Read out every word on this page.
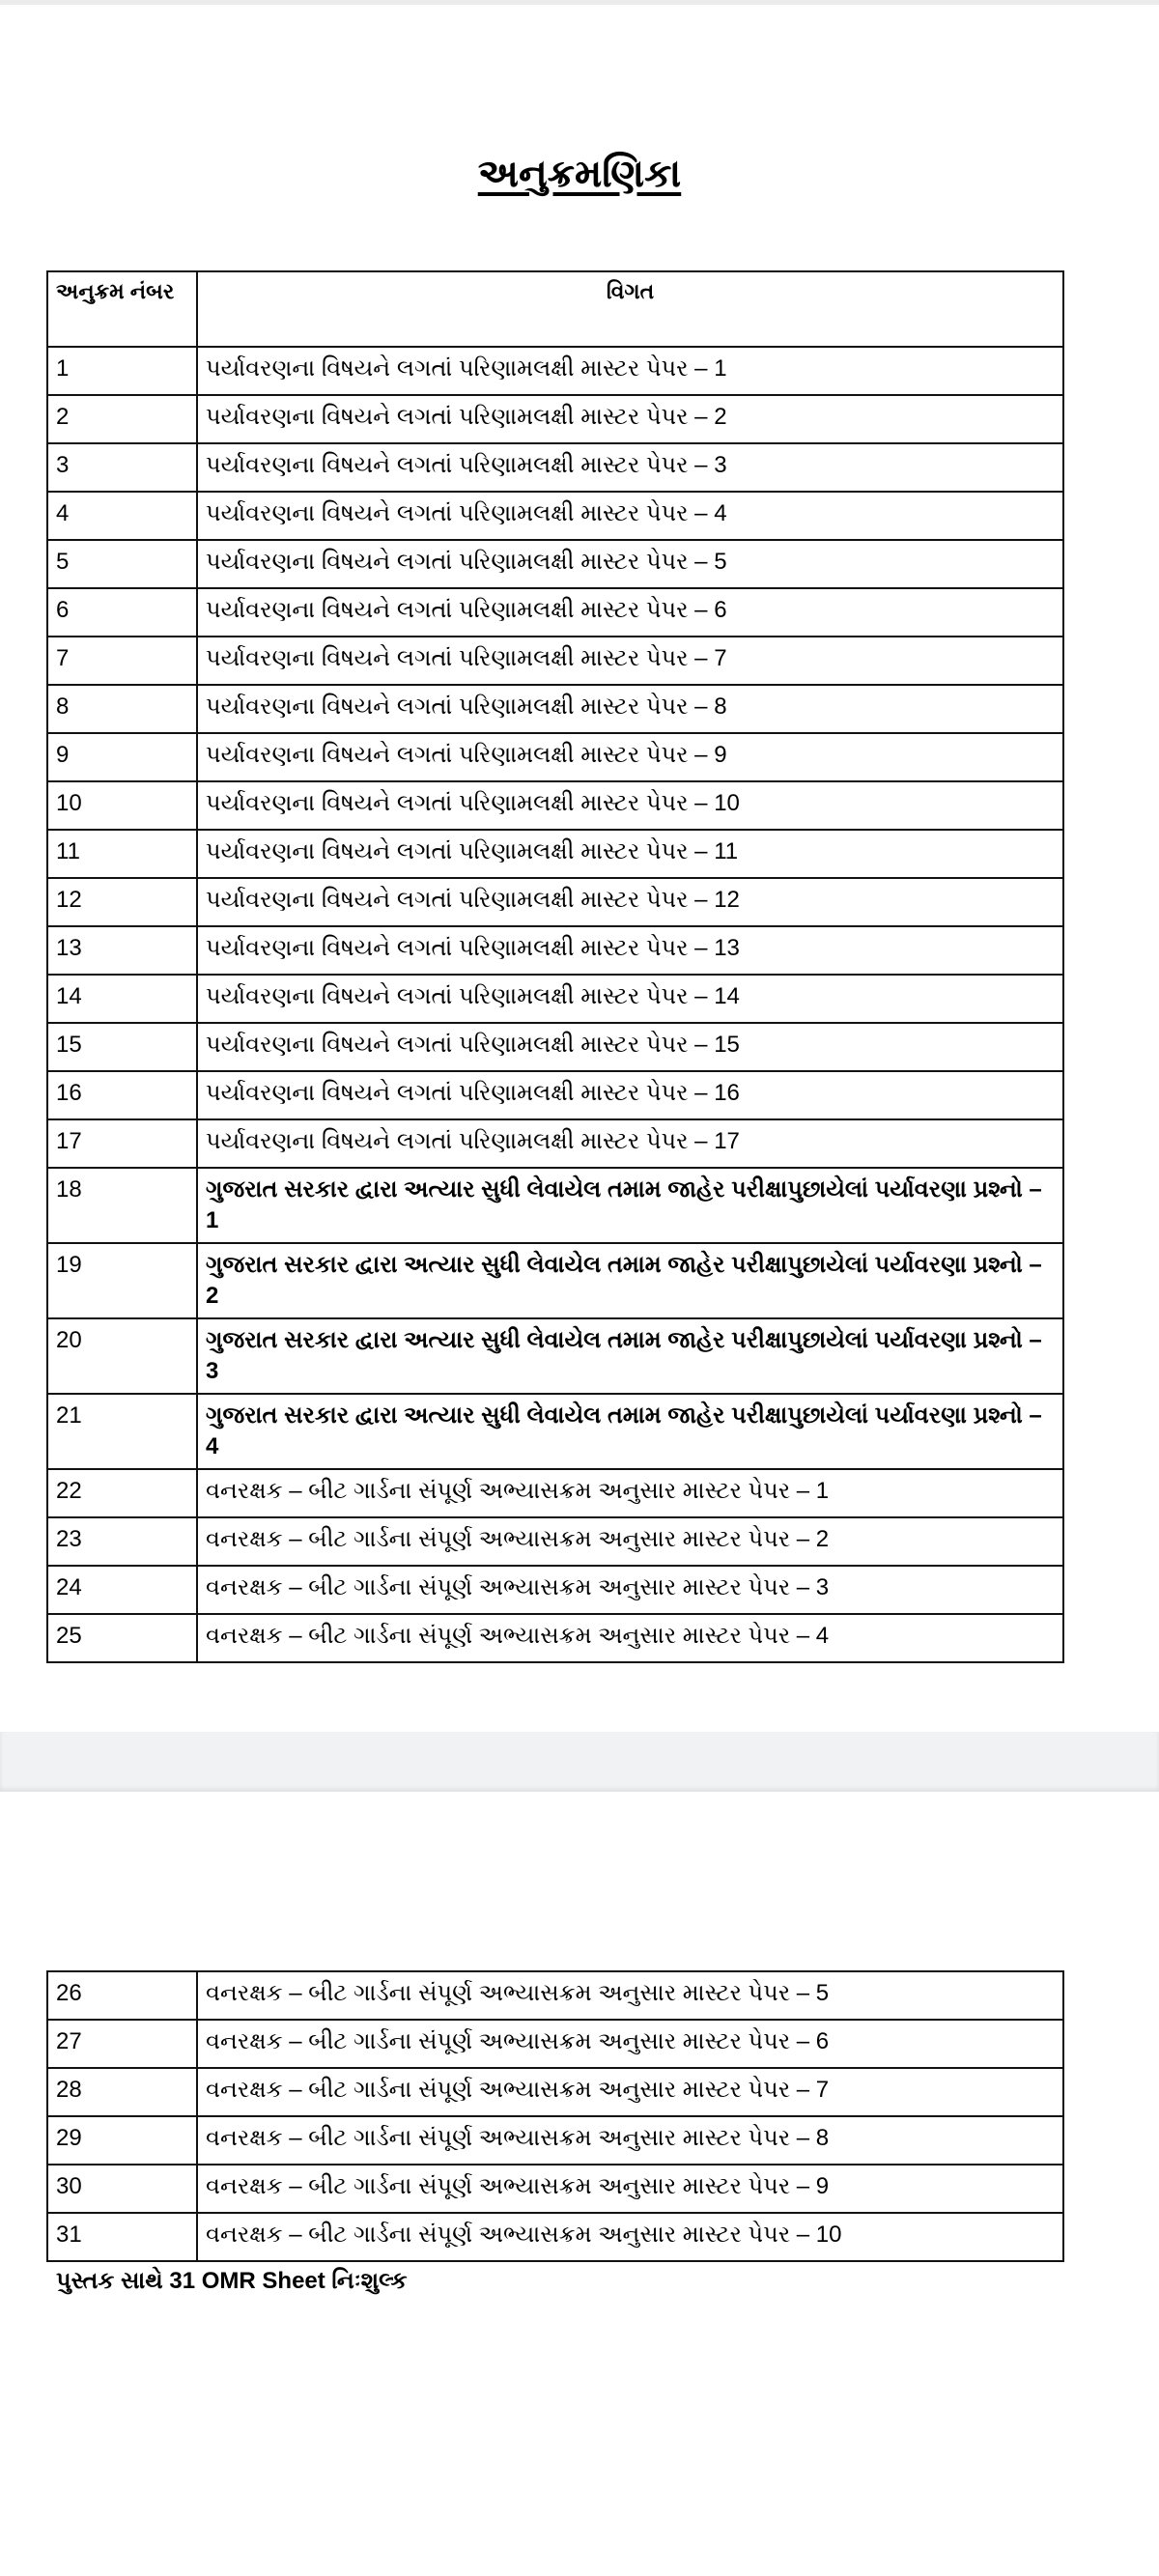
અનુક્રમણિકા
અનુક્રમ નંબર	વિગત
1	પર્યાવરણના વિષયને લગતાં પરિણામલક્ષી માસ્ટર પેપર – 1
2	પર્યાવરણના વિષયને લગતાં પરિણામલક્ષી માસ્ટર પેપર – 2
3	પર્યાવરણના વિષયને લગતાં પરિણામલક્ષી માસ્ટર પેપર – 3
4	પર્યાવરણના વિષયને લગતાં પરિણામલક્ષી માસ્ટર પેપર – 4
5	પર્યાવરણના વિષયને લગતાં પરિણામલક્ષી માસ્ટર પેપર – 5
6	પર્યાવરણના વિષયને લગતાં પરિણામલક્ષી માસ્ટર પેપર – 6
7	પર્યાવરણના વિષયને લગતાં પરિણામલક્ષી માસ્ટર પેપર – 7
8	પર્યાવરણના વિષયને લગતાં પરિણામલક્ષી માસ્ટર પેપર – 8
9	પર્યાવરણના વિષયને લગતાં પરિણામલક્ષી માસ્ટર પેપર – 9
10	પર્યાવરણના વિષયને લગતાં પરિણામલક્ષી માસ્ટર પેપર – 10
11	પર્યાવરણના વિષયને લગતાં પરિણામલક્ષી માસ્ટર પેપર – 11
12	પર્યાવરણના વિષયને લગતાં પરિણામલક્ષી માસ્ટર પેપર – 12
13	પર્યાવરણના વિષયને લગતાં પરિણામલક્ષી માસ્ટર પેપર – 13
14	પર્યાવરણના વિષયને લગતાં પરિણામલક્ષી માસ્ટર પેપર – 14
15	પર્યાવરણના વિષયને લગતાં પરિણામલક્ષી માસ્ટર પેપર – 15
16	પર્યાવરણના વિષયને લગતાં પરિણામલક્ષી માસ્ટર પેપર – 16
17	પર્યાવરણના વિષયને લગતાં પરિણામલક્ષી માસ્ટર પેપર – 17
18	ગુજરાત સરકાર દ્વારા અત્યાર સુધી લેવાયેલ તમામ જાહેર પરીક્ષાપુછાયેલાં પર્યાવરણા પ્રશ્નો – 1
19	ગુજરાત સરકાર દ્વારા અત્યાર સુધી લેવાયેલ તમામ જાહેર પરીક્ષાપુછાયેલાં પર્યાવરણા પ્રશ્નો – 2
20	ગુજરાત સરકાર દ્વારા અત્યાર સુધી લેવાયેલ તમામ જાહેર પરીક્ષાપુછાયેલાં પર્યાવરણા પ્રશ્નો – 3
21	ગુજરાત સરકાર દ્વારા અત્યાર સુધી લેવાયેલ તમામ જાહેર પરીક્ષાપુછાયેલાં પર્યાવરણા પ્રશ્નો – 4
22	વનરક્ષક – બીટ ગાર્ડના સંપૂર્ણ અભ્યાસક્રમ અનુસાર માસ્ટર પેપર – 1
23	વનરક્ષક – બીટ ગાર્ડના સંપૂર્ણ અભ્યાસક્રમ અનુસાર માસ્ટર પેપર – 2
24	વનરક્ષક – બીટ ગાર્ડના સંપૂર્ણ અભ્યાસક્રમ અનુસાર માસ્ટર પેપર – 3
25	વનરક્ષક – બીટ ગાર્ડના સંપૂર્ણ અભ્યાસક્રમ અનુસાર માસ્ટર પેપર – 4
26	વનરક્ષક – બીટ ગાર્ડના સંપૂર્ણ અભ્યાસક્રમ અનુસાર માસ્ટર પેપર – 5
27	વનરક્ષક – બીટ ગાર્ડના સંપૂર્ણ અભ્યાસક્રમ અનુસાર માસ્ટર પેપર – 6
28	વનરક્ષક – બીટ ગાર્ડના સંપૂર્ણ અભ્યાસક્રમ અનુસાર માસ્ટર પેપર – 7
29	વનરક્ષક – બીટ ગાર્ડના સંપૂર્ણ અભ્યાસક્રમ અનુસાર માસ્ટર પેપર – 8
30	વનરક્ષક – બીટ ગાર્ડના સંપૂર્ણ અભ્યાસક્રમ અનુસાર માસ્ટર પેપર – 9
31	વનરક્ષક – બીટ ગાર્ડના સંપૂર્ણ અભ્યાસક્રમ અનુસાર માસ્ટર પેપર – 10
પુસ્તક સાથે 31 OMR Sheet નિઃશુલ્ક
